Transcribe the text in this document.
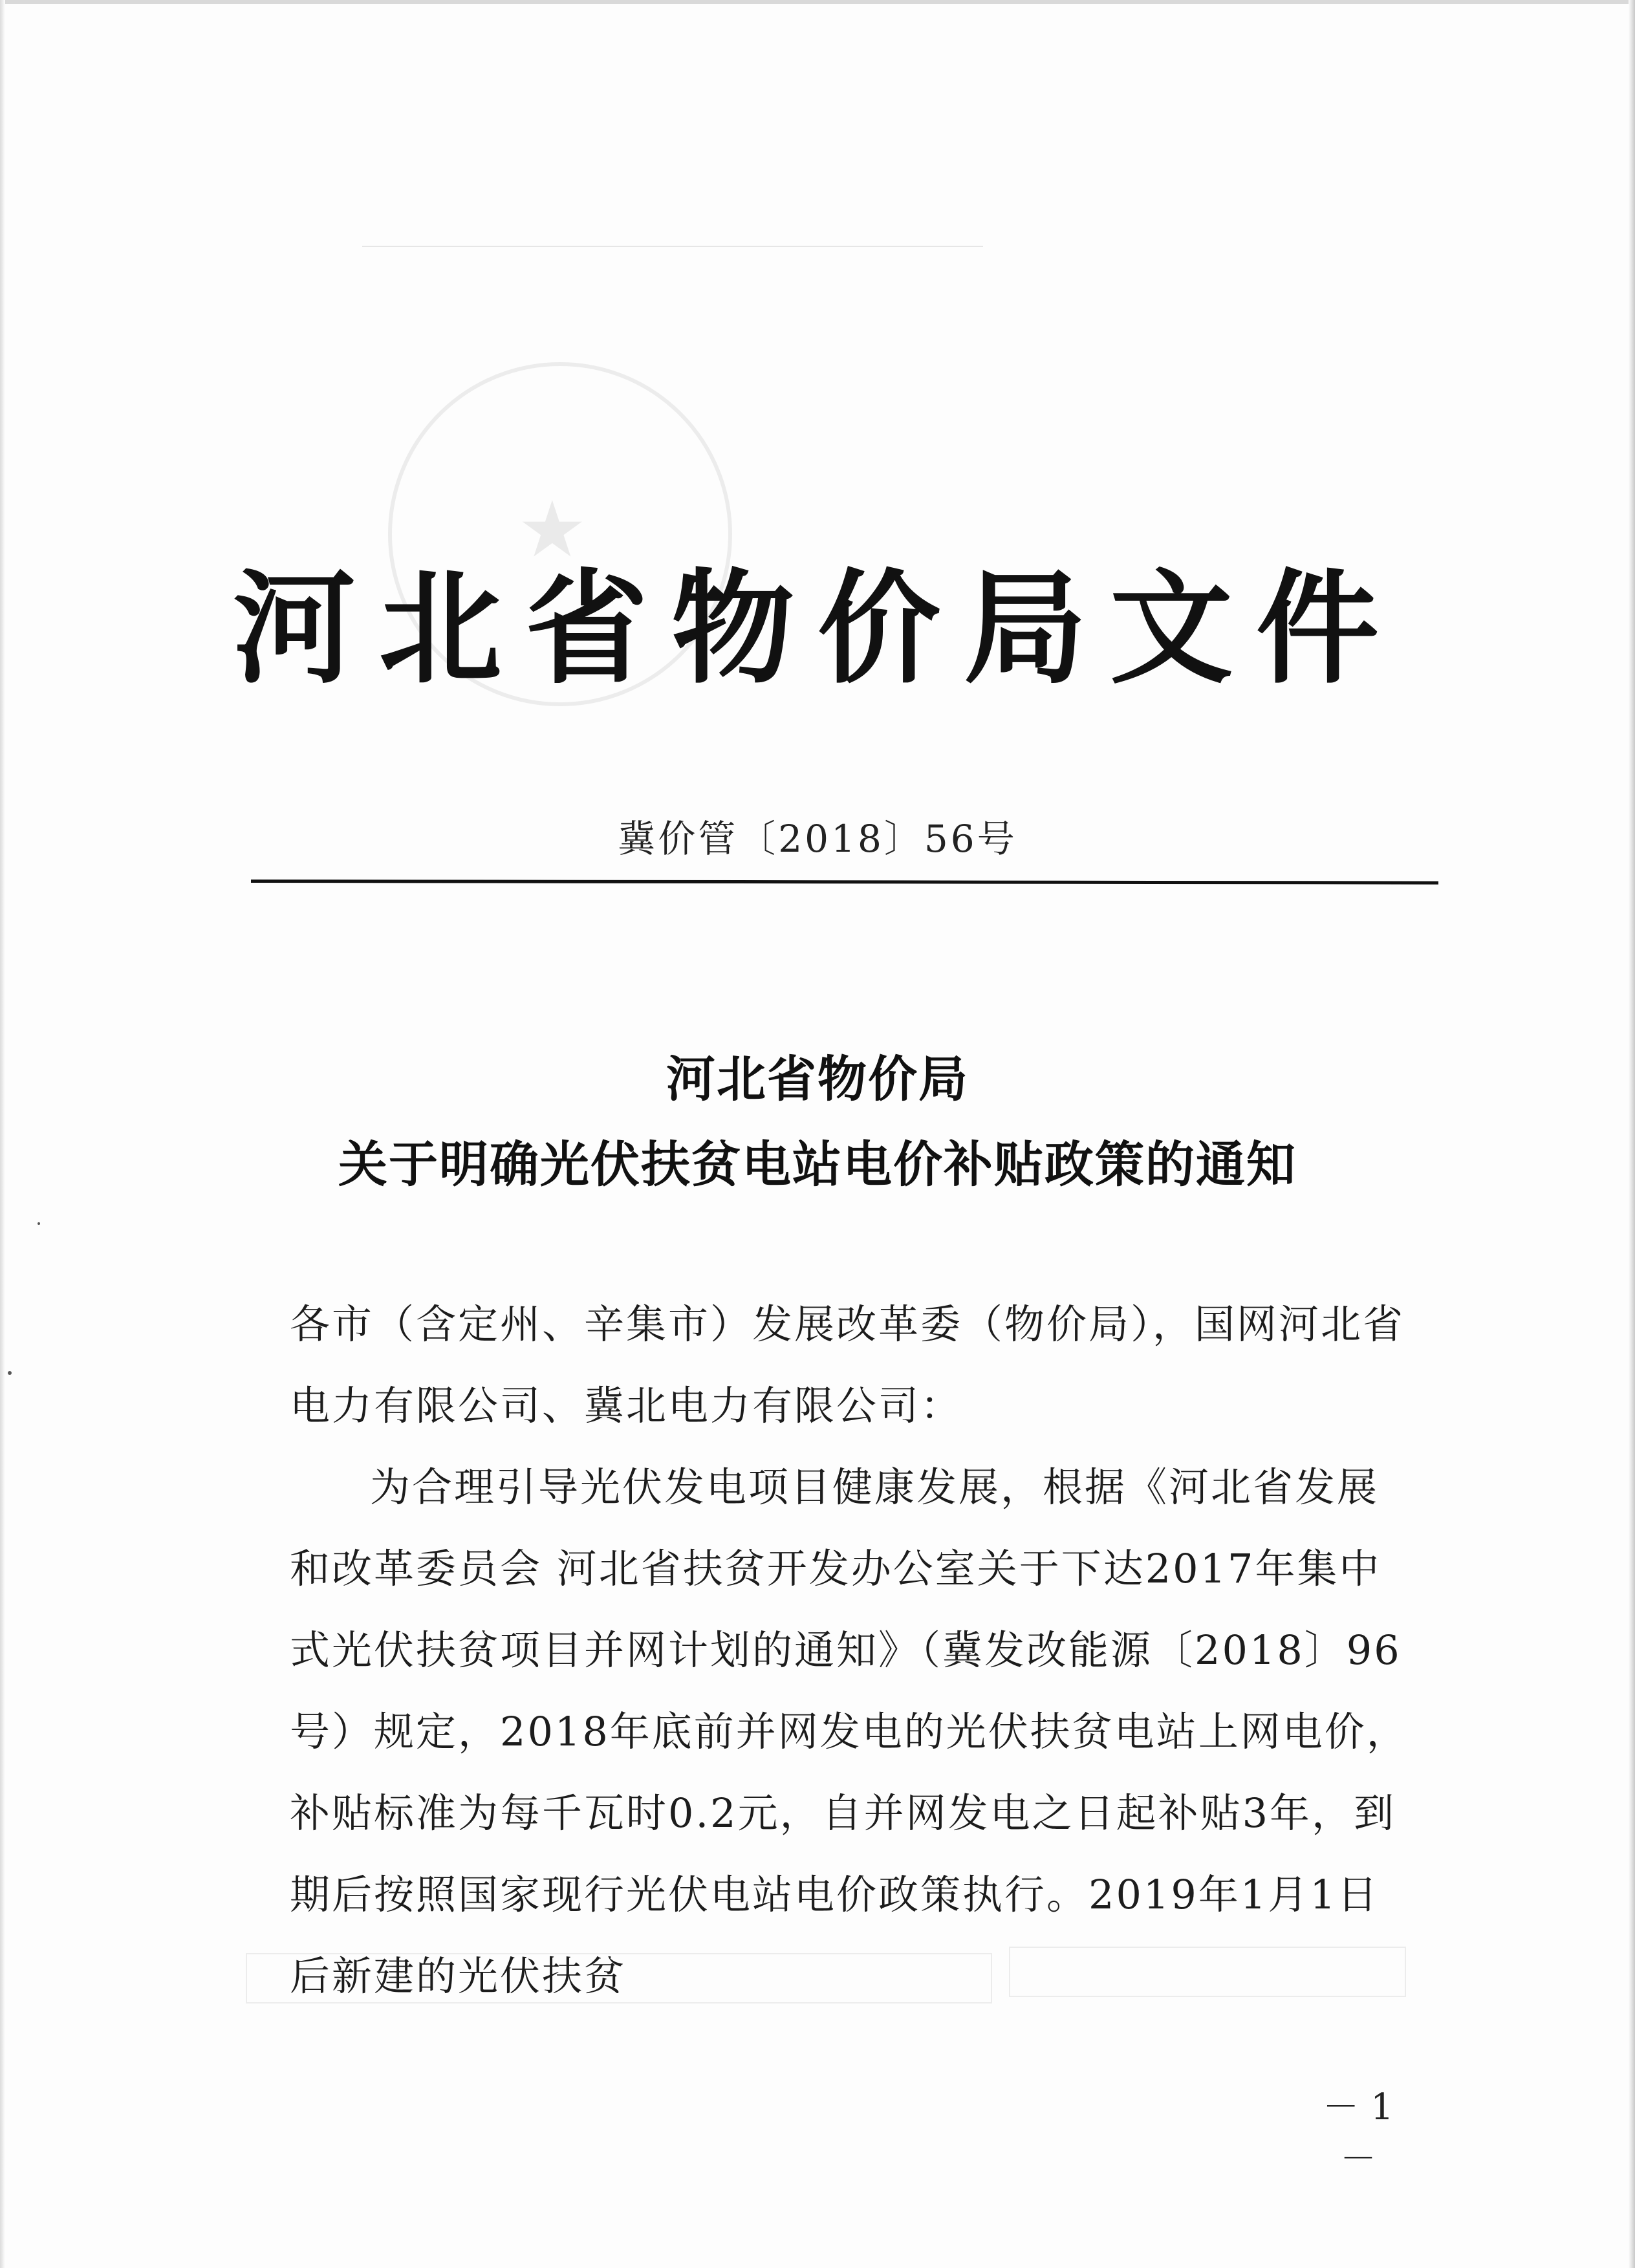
★
河北省物价局文件
冀价管〔2018〕56号
河北省物价局
关于明确光伏扶贫电站电价补贴政策的通知
各市（含定州、辛集市）发展改革委（物价局），国网河北省电力有限公司、冀北电力有限公司：
为合理引导光伏发电项目健康发展，根据《河北省发展和改革委员会 河北省扶贫开发办公室关于下达2017年集中式光伏扶贫项目并网计划的通知》（冀发改能源〔2018〕96号）规定，2018年底前并网发电的光伏扶贫电站上网电价，补贴标准为每千瓦时0.2元，自并网发电之日起补贴3年，到期后按照国家现行光伏电站电价政策执行。2019年1月1日后新建的光伏扶贫
－ 1 －
